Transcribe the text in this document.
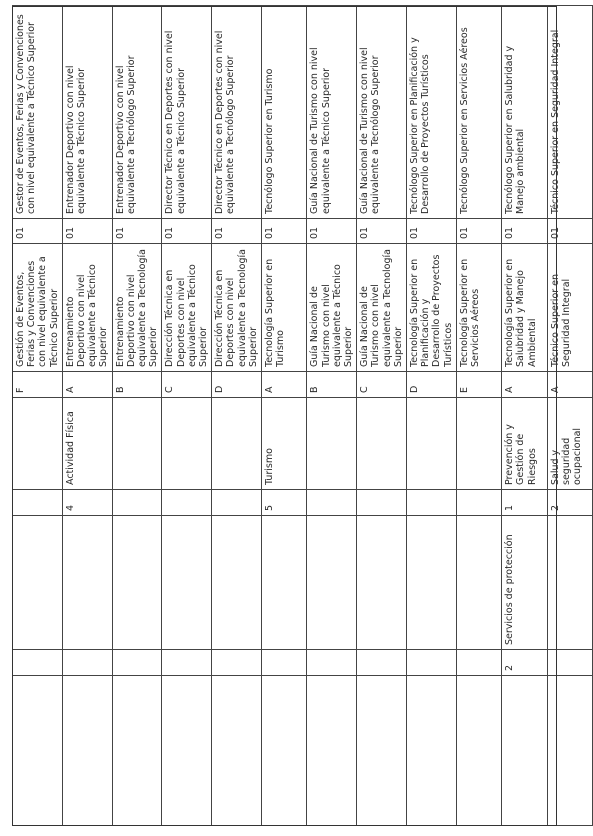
					F	Gestión de Eventos, Ferias y Convenciones con nivel equivalente a Técnico Superior	01	Gestor de Eventos, Ferias y Convenciones con nivel equivalente a Técnico Superior
			4	Actividad Física	A	Entrenamiento Deportivo con nivel equivalente a Técnico Superior	01	Entrenador Deportivo con nivel equivalente a Técnico Superior
					B	Entrenamiento Deportivo con nivel equivalente a Tecnología Superior	01	Entrenador Deportivo con nivel equivalente a Tecnólogo Superior
					C	Dirección Técnica en Deportes con nivel equivalente a Técnico Superior	01	Director Técnico en Deportes con nivel equivalente a Técnico Superior
					D	Dirección Técnica en Deportes con nivel equivalente a Tecnología Superior	01	Director Técnico en Deportes con nivel equivalente a Tecnólogo Superior
			5	Turismo	A	Tecnología Superior en Turismo	01	Tecnólogo Superior en Turismo
					B	Guía Nacional de Turismo con nivel equivalente a Técnico Superior	01	Guía Nacional de Turismo con nivel equivalente a Técnico Superior
					C	Guía Nacional de Turismo con nivel equivalente a Tecnología Superior	01	Guía Nacional de Turismo con nivel equivalente a Tecnólogo Superior
					D	Tecnología Superior en Planificación y Desarrollo de Proyectos Turísticos	01	Tecnólogo Superior en Planificación y Desarrollo de Proyectos Turísticos
					E	Tecnología Superior en Servicios Aéreos	01	Tecnólogo Superior en Servicios Aéreos
	2	Servicios de protección	1	Prevención y Gestión de Riesgos	A	Tecnología Superior en Salubridad y Manejo Ambiental	01	Tecnólogo Superior en Salubridad y Manejo ambiental
			2	Salud y seguridad ocupacional	A	Técnico Superior en Seguridad Integral	01	Técnico Superior en Seguridad Integral
